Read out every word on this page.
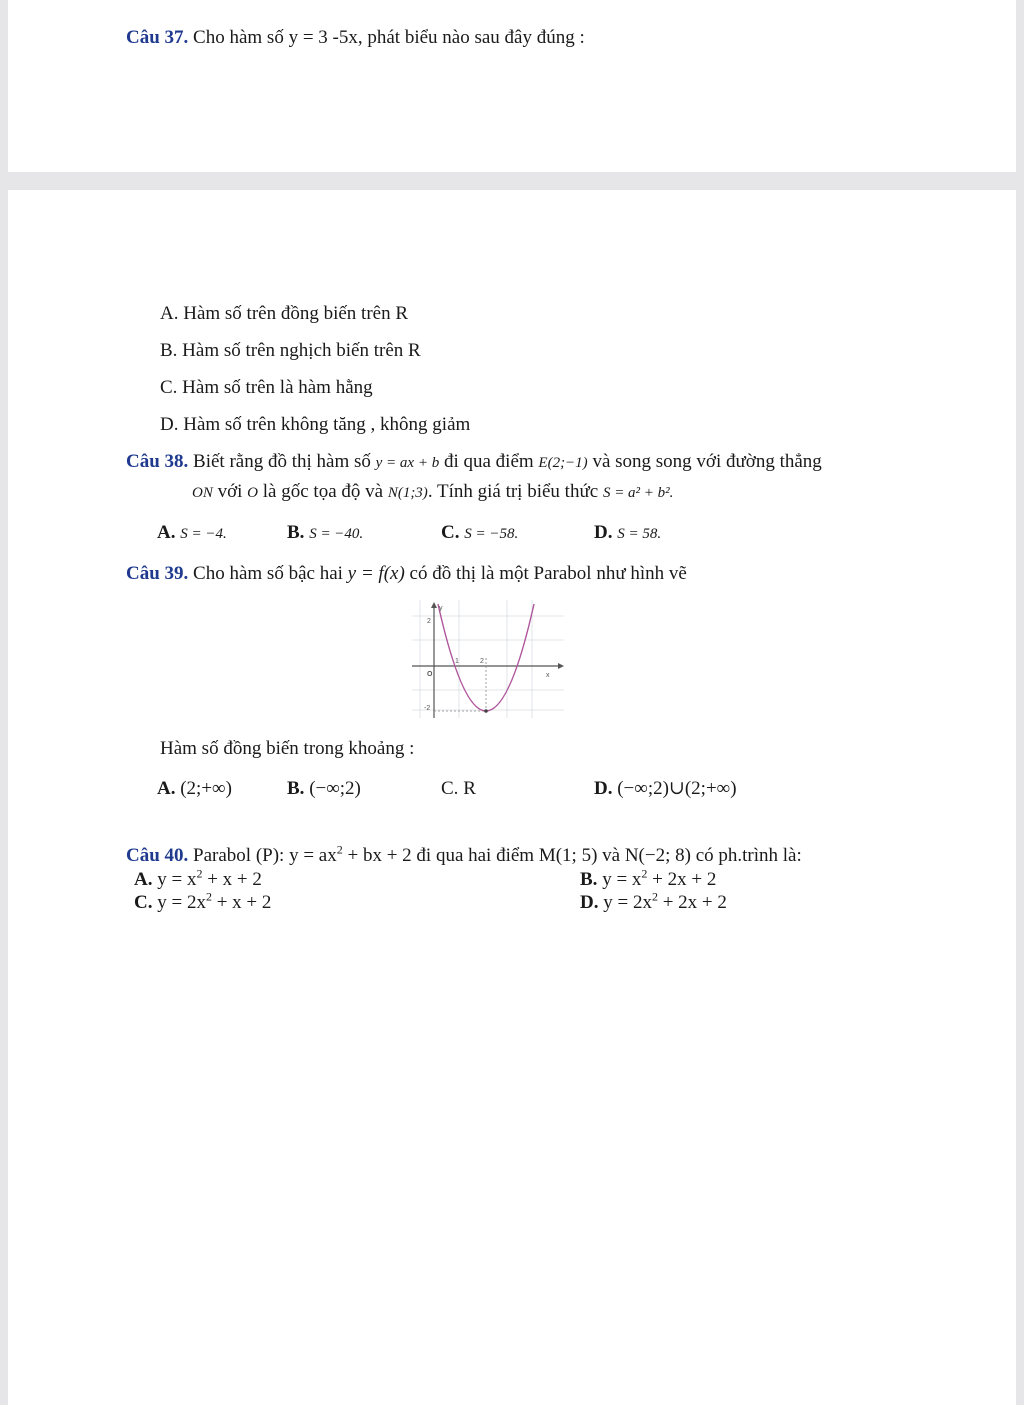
Câu 37. Cho hàm số y = 3 -5x, phát biểu nào sau đây đúng :
A. Hàm số trên đồng biến trên R
B. Hàm số trên nghịch biến trên R
C. Hàm số trên là hàm hằng
D. Hàm số trên không tăng , không giảm
Câu 38. Biết rằng đồ thị hàm số y = ax + b đi qua điểm E(2;−1) và song song với đường thẳng
ON với O là gốc tọa độ và N(1;3). Tính giá trị biểu thức S = a² + b².
A. S = −4.	B. S = −40.	C. S = −58.	D. S = 58.
Câu 39. Cho hàm số bậc hai y = f(x) có đồ thị là một Parabol như hình vẽ
y
x
O
2
1	2
-2
Hàm số đồng biến trong khoảng :
A. (2;+∞)	B. (−∞;2)	C. R	D. (−∞;2)∪(2;+∞)
Câu 40. Parabol (P): $y = ax^2$ + bx + 2 đi qua hai điểm M(1; 5) và N(−2; 8) có ph.trình là:
A. $y = x^2 + x + 2$	B. $y = x^2 + 2x + 2$
C. $y = 2x^2 + x + 2$	D. $y = 2x^2 + 2x + 2$
